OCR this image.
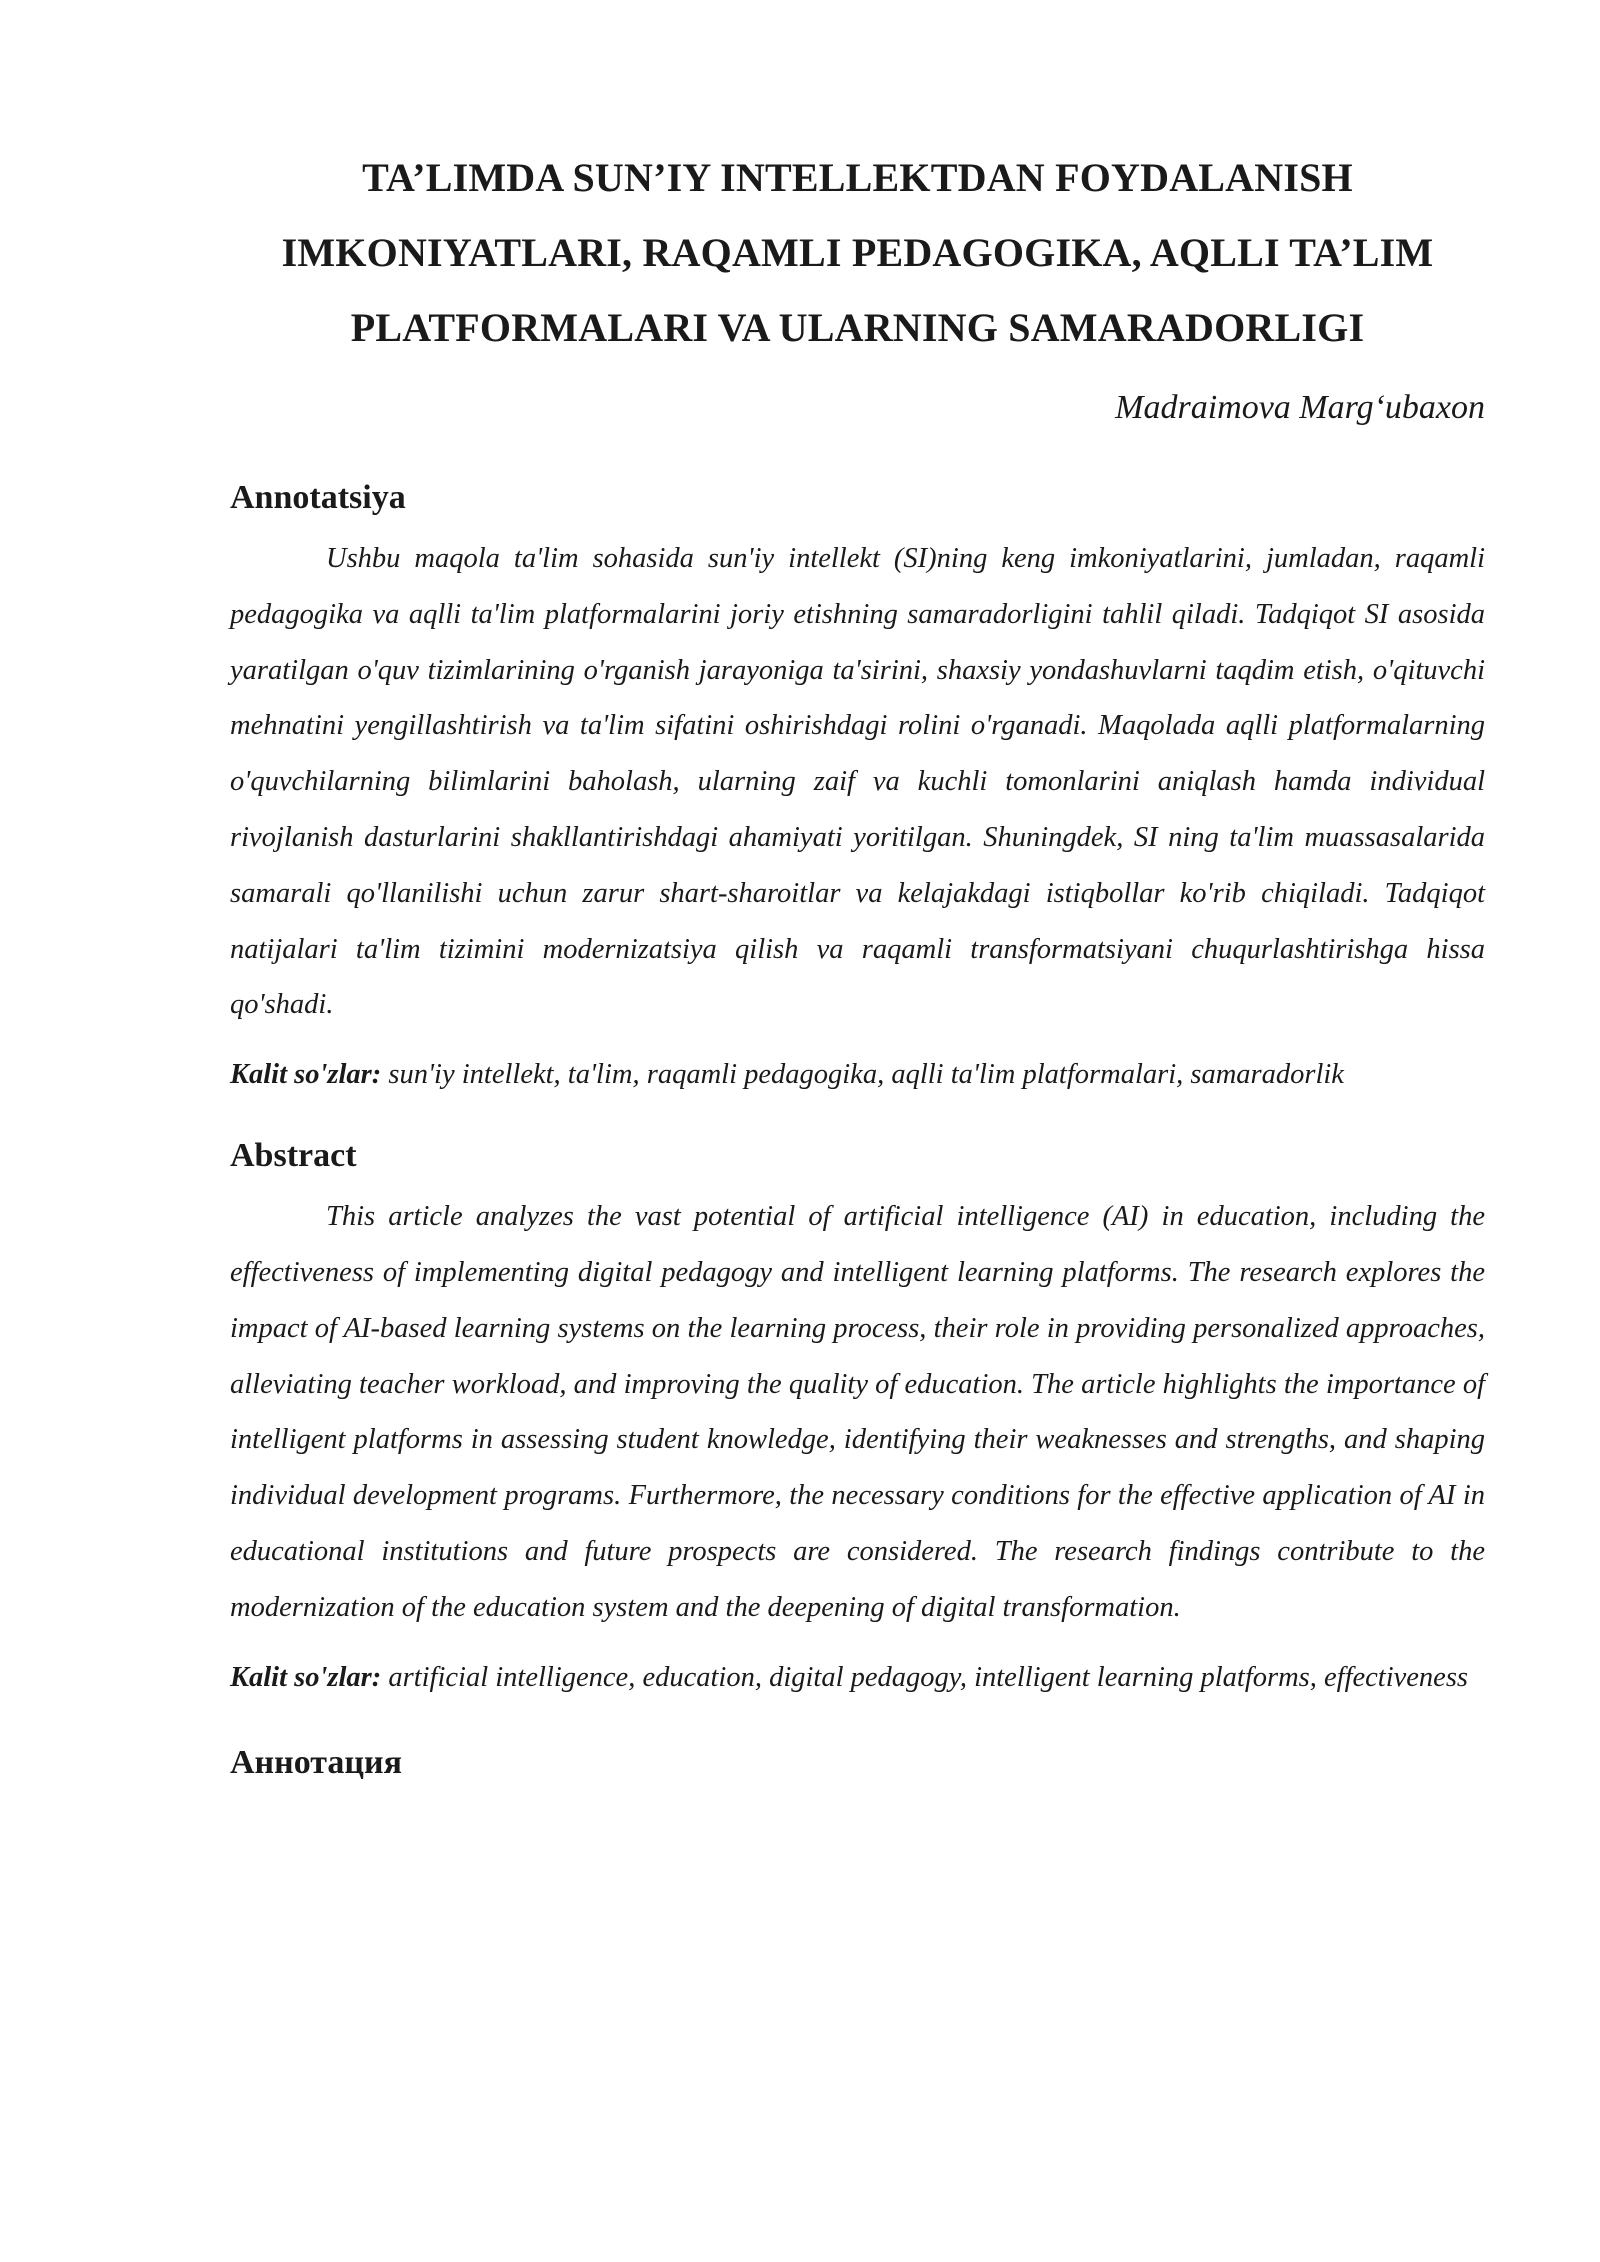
TA’LIMDA SUN’IY INTELLEKTDAN FOYDALANISH
IMKONIYATLARI, RAQAMLI PEDAGOGIKA, AQLLI TA’LIM
PLATFORMALARI VA ULARNING SAMARADORLIGI
Madraimova Marg‘ubaxon
Annotatsiya

Ushbu maqola ta'lim sohasida sun'iy intellekt (SI)ning keng imkoniyatlarini, jumladan, raqamli pedagogika va aqlli ta'lim platformalarini joriy etishning samaradorligini tahlil qiladi. Tadqiqot SI asosida yaratilgan o'quv tizimlarining o'rganish jarayoniga ta'sirini, shaxsiy yondashuvlarni taqdim etish, o'qituvchi mehnatini yengillashtirish va ta'lim sifatini oshirishdagi rolini o'rganadi. Maqolada aqlli platformalarning o'quvchilarning bilimlarini baholash, ularning zaif va kuchli tomonlarini aniqlash hamda individual rivojlanish dasturlarini shakllantirishdagi ahamiyati yoritilgan. Shuningdek, SI ning ta'lim muassasalarida samarali qo'llanilishi uchun zarur shart-sharoitlar va kelajakdagi istiqbollar ko'rib chiqiladi. Tadqiqot natijalari ta'lim tizimini modernizatsiya qilish va raqamli transformatsiyani chuqurlashtirishga hissa qo'shadi.

Kalit so'zlar: sun'iy intellekt, ta'lim, raqamli pedagogika, aqlli ta'lim platformalari, samaradorlik

Abstract

This article analyzes the vast potential of artificial intelligence (AI) in education, including the effectiveness of implementing digital pedagogy and intelligent learning platforms. The research explores the impact of AI-based learning systems on the learning process, their role in providing personalized approaches, alleviating teacher workload, and improving the quality of education. The article highlights the importance of intelligent platforms in assessing student knowledge, identifying their weaknesses and strengths, and shaping individual development programs. Furthermore, the necessary conditions for the effective application of AI in educational institutions and future prospects are considered. The research findings contribute to the modernization of the education system and the deepening of digital transformation.

Kalit so'zlar: artificial intelligence, education, digital pedagogy, intelligent learning platforms, effectiveness

Аннотация
